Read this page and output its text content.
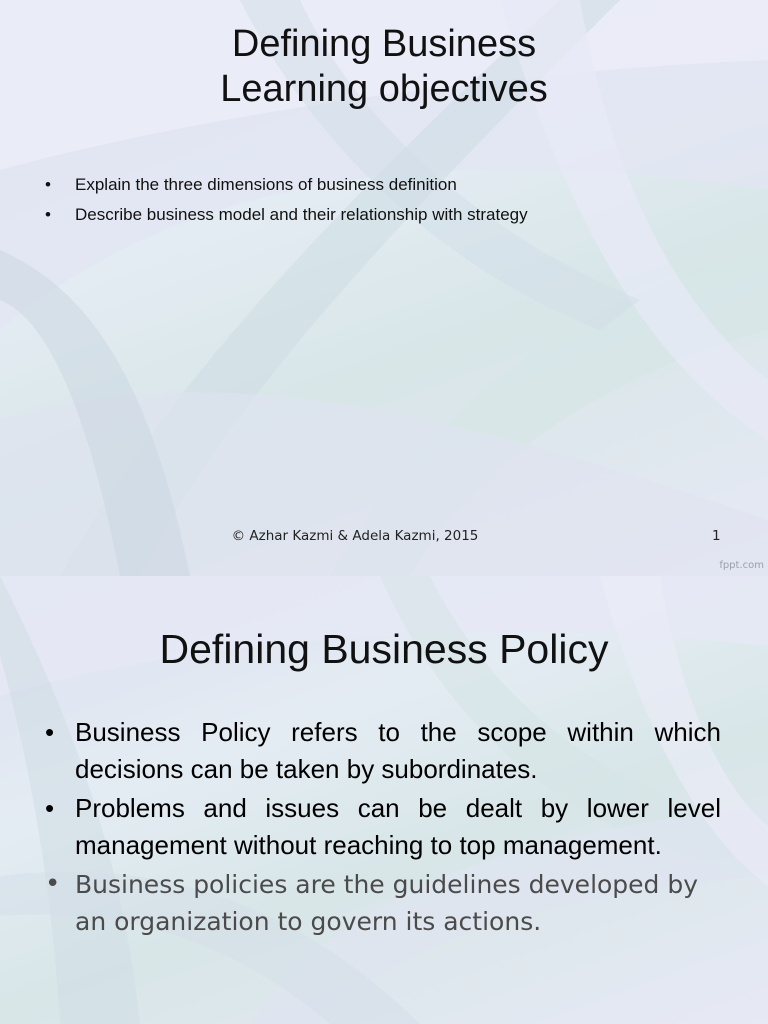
Defining Business
Learning objectives
• Explain the three dimensions of business definition
• Describe business model and their relationship with strategy
© Azhar Kazmi & Adela Kazmi, 2015	1
fppt.com
Defining Business Policy
• Business Policy refers to the scope within which decisions can be taken by subordinates.
• Problems and issues can be dealt by lower level management without reaching to top management.
• Business policies are the guidelines developed by an organization to govern its actions.
